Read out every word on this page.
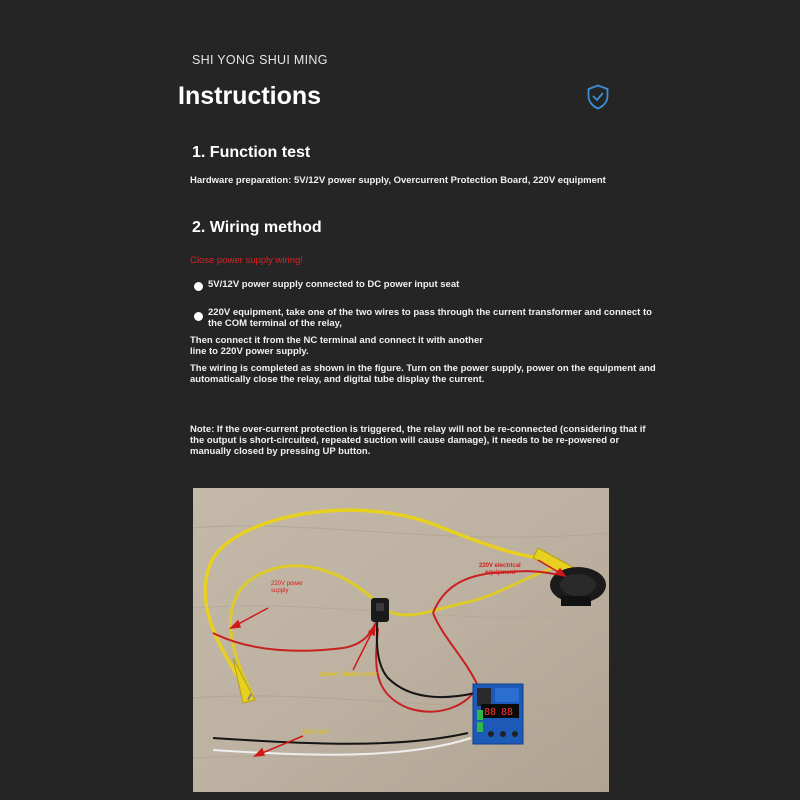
SHI YONG SHUI MING
Instructions
1. Function test
Hardware preparation: 5V/12V power supply, Overcurrent Protection Board, 220V equipment
2. Wiring method
Close power supply wiring!
5V/12V power supply connected to DC power input seat
220V equipment, take one of the two wires to pass through the current transformer and connect to
the COM terminal of the relay,
Then connect it from the NC terminal and connect it with another
line to 220V power supply.
The wiring is completed as shown in the figure. Turn on the power supply, power on the equipment and
automatically close the relay, and digital tube display the current.
Note: If the over-current protection is triggered, the relay will not be re-connected (considering that if
the output is short-circuited, repeated suction will cause damage), it needs to be re-powered or
manually closed by pressing UP button.
88 88
220V power
supply
220V electrical
equipment
Current Transformer
DC5V/12V
